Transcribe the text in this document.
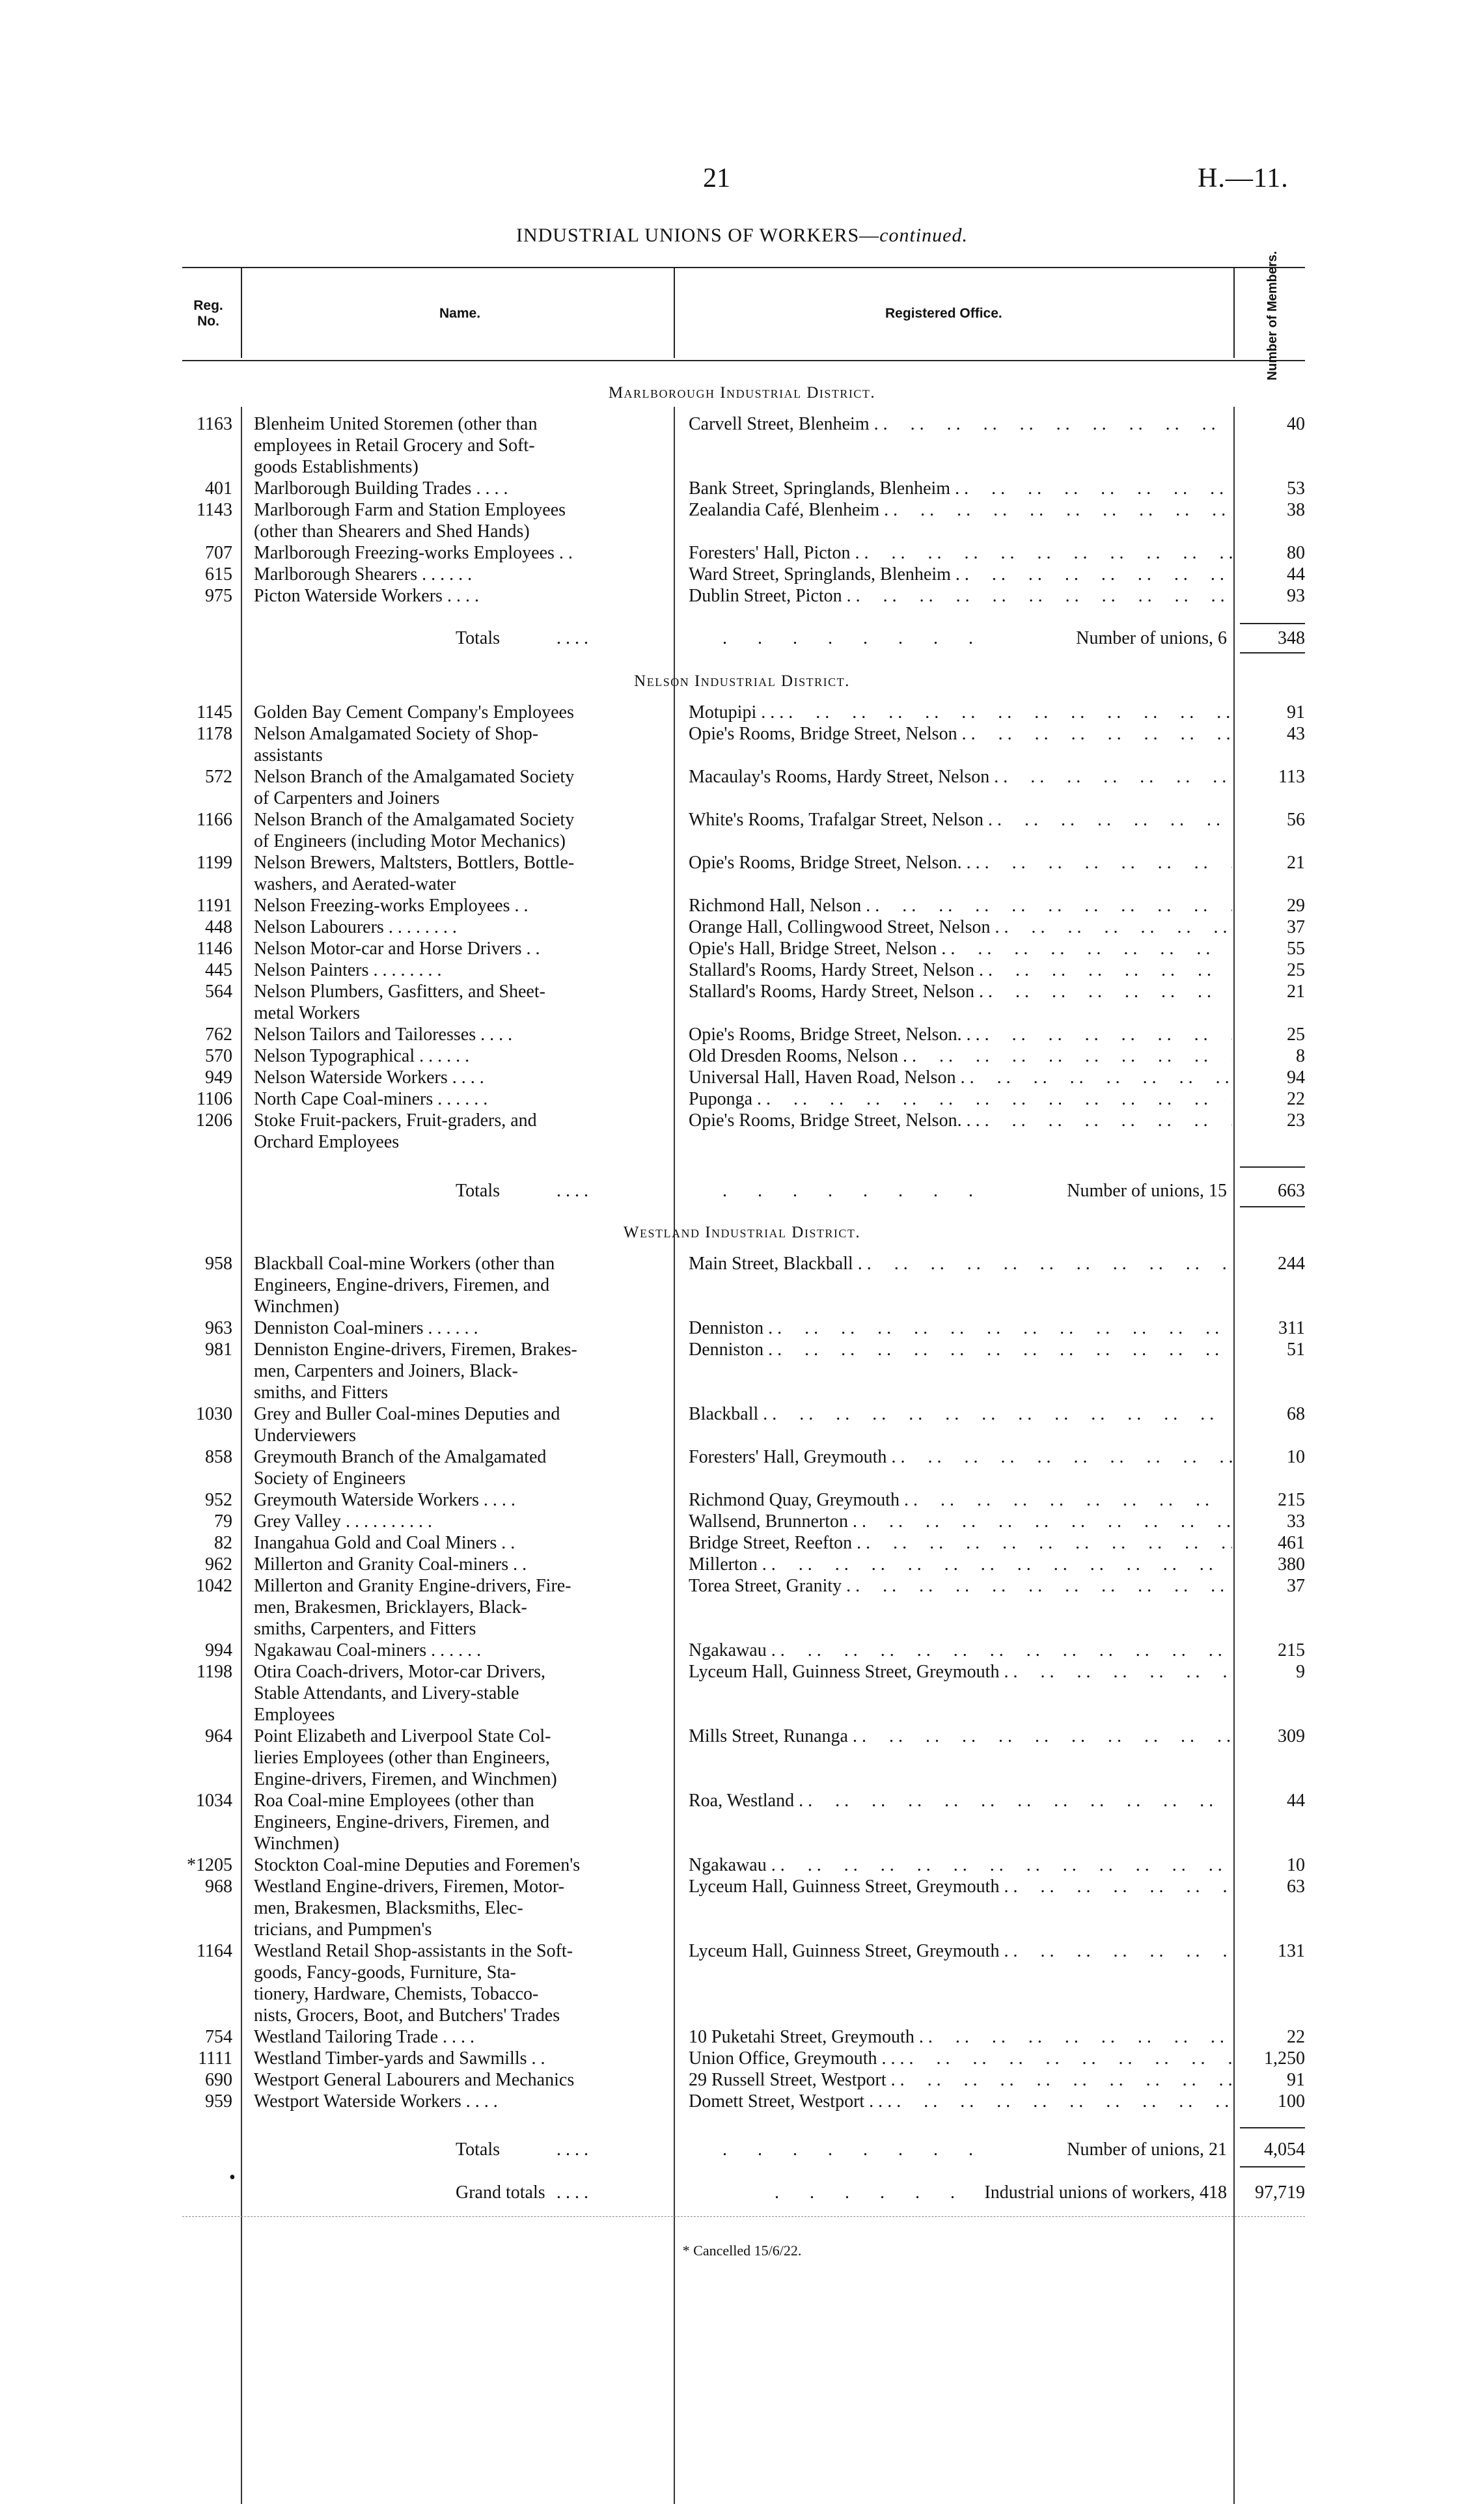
21	H.—11.
INDUSTRIAL UNIONS OF WORKERS—continued.
Reg. No.
Name.	Registered Office.	Number of Members.
Marlborough Industrial District.
1163 Blenheim United Storemen (other than
employees in Retail Grocery and Soft-
goods Establishments)
Carvell Street, Blenheim . .	40
401 Marlborough Building Trades . . . .	Bank Street, Springlands, Blenheim . .	53
1143 Marlborough Farm and Station Employees
(other than Shearers and Shed Hands)
Zealandia Café, Blenheim . .	38
707 Marlborough Freezing-works Employees . .	Foresters' Hall, Picton . .	80
615 Marlborough Shearers . . . . . .	Ward Street, Springlands, Blenheim . .	44
975 Picton Waterside Workers . . . .	Dublin Street, Picton . .	93
Totals	. . . .	. . . . . . . .	Number of unions, 6	348
Nelson Industrial District.
1145 Golden Bay Cement Company's Employees	Motupipi . . . .	91
1178 Nelson Amalgamated Society of Shop-
assistants
Opie's Rooms, Bridge Street, Nelson . .	43
572 Nelson Branch of the Amalgamated Society
of Carpenters and Joiners
Macaulay's Rooms, Hardy Street, Nelson . .	113
1166 Nelson Branch of the Amalgamated Society
of Engineers (including Motor Mechanics)
White's Rooms, Trafalgar Street, Nelson . .	56
1199 Nelson Brewers, Maltsters, Bottlers, Bottle-
washers, and Aerated-water
Opie's Rooms, Bridge Street, Nelson. . . .	21
1191 Nelson Freezing-works Employees . .	Richmond Hall, Nelson . .	29
448 Nelson Labourers . . . . . . . .	Orange Hall, Collingwood Street, Nelson . .	37
1146 Nelson Motor-car and Horse Drivers . .	Opie's Hall, Bridge Street, Nelson . .	55
445 Nelson Painters . . . . . . . .	Stallard's Rooms, Hardy Street, Nelson . .	25
564 Nelson Plumbers, Gasfitters, and Sheet-
metal Workers
Stallard's Rooms, Hardy Street, Nelson . .	21
762 Nelson Tailors and Tailoresses . . . .	Opie's Rooms, Bridge Street, Nelson. . . .	25
570 Nelson Typographical . . . . . .	Old Dresden Rooms, Nelson . .	8
949 Nelson Waterside Workers . . . .	Universal Hall, Haven Road, Nelson . .	94
1106 North Cape Coal-miners . . . . . .	Puponga . .	22
1206 Stoke Fruit-packers, Fruit-graders, and
Orchard Employees
Opie's Rooms, Bridge Street, Nelson. . . .	23
Totals	. . . .	. . . . . . . .	Number of unions, 15	663
Westland Industrial District.
958 Blackball Coal-mine Workers (other than
Engineers, Engine-drivers, Firemen, and
Winchmen)
Main Street, Blackball . .	244
963 Denniston Coal-miners . . . . . .	Denniston . .	311
981 Denniston Engine-drivers, Firemen, Brakes-
men, Carpenters and Joiners, Black-
smiths, and Fitters
Denniston . .	51
1030 Grey and Buller Coal-mines Deputies and
Underviewers
Blackball . .	68
858 Greymouth Branch of the Amalgamated
Society of Engineers
Foresters' Hall, Greymouth . .	10
952 Greymouth Waterside Workers . . . .	Richmond Quay, Greymouth . .	215
79 Grey Valley . . . . . . . . . .	Wallsend, Brunnerton . .	33
82 Inangahua Gold and Coal Miners . .	Bridge Street, Reefton . .	461
962 Millerton and Granity Coal-miners . .	Millerton . .	380
1042 Millerton and Granity Engine-drivers, Fire-
men, Brakesmen, Bricklayers, Black-
smiths, Carpenters, and Fitters
Torea Street, Granity . .	37
994 Ngakawau Coal-miners . . . . . .	Ngakawau . .	215
1198 Otira Coach-drivers, Motor-car Drivers,
Stable Attendants, and Livery-stable
Employees
Lyceum Hall, Guinness Street, Greymouth . .	9
964 Point Elizabeth and Liverpool State Col-
lieries Employees (other than Engineers,
Engine-drivers, Firemen, and Winchmen)
Mills Street, Runanga . .	309
1034 Roa Coal-mine Employees (other than
Engineers, Engine-drivers, Firemen, and
Winchmen)
Roa, Westland . .	44
*1205 Stockton Coal-mine Deputies and Foremen's	Ngakawau . .	10
968 Westland Engine-drivers, Firemen, Motor-
men, Brakesmen, Blacksmiths, Elec-
tricians, and Pumpmen's
Lyceum Hall, Guinness Street, Greymouth . .	63
1164 Westland Retail Shop-assistants in the Soft-
goods, Fancy-goods, Furniture, Sta-
tionery, Hardware, Chemists, Tobacco-
nists, Grocers, Boot, and Butchers' Trades
Lyceum Hall, Guinness Street, Greymouth . .	131
754 Westland Tailoring Trade . . . .	10 Puketahi Street, Greymouth . .	22
1111 Westland Timber-yards and Sawmills . .	Union Office, Greymouth . . . .	1,250
690 Westport General Labourers and Mechanics	29 Russell Street, Westport . .	91
959 Westport Waterside Workers . . . .	Domett Street, Westport . . . .	100
Totals	. . . .	. . . . . . . .	Number of unions, 21	4,054
Grand totals . . . .	. . . . . . Industrial unions of workers, 418	97,719
•
* Cancelled 15/6/22.
